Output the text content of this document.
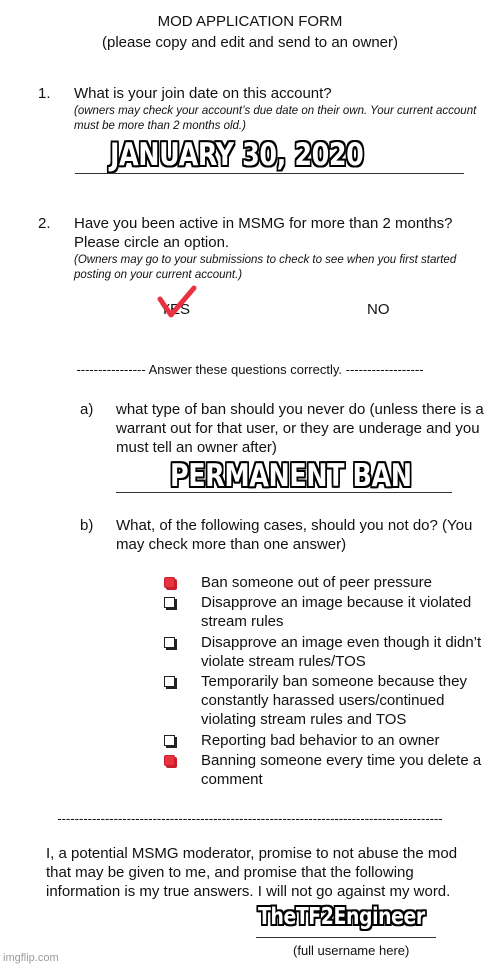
MOD APPLICATION FORM
(please copy and edit and send to an owner)
1. What is your join date on this account?
(owners may check your account’s due date on their own. Your current account must be more than 2 months old.)
JANUARY 30, 2020
2. Have you been active in MSMG for more than 2 months? Please circle an option.
(Owners may go to your submissions to check to see when you first started posting on your current account.)
YES	NO
---------------- Answer these questions correctly. ------------------
a) what type of ban should you never do (unless there is a warrant out for that user, or they are underage and you must tell an owner after)
PERMANENT BAN
b) What, of the following cases, should you not do? (You may check more than one answer)
Ban someone out of peer pressure
Disapprove an image because it violated stream rules
Disapprove an image even though it didn’t violate stream rules/TOS
Temporarily ban someone because they constantly harassed users/continued violating stream rules and TOS
Reporting bad behavior to an owner
Banning someone every time you delete a comment
-----------------------------------------------------------------------------------------
I, a potential MSMG moderator, promise to not abuse the mod that may be given to me, and promise that the following information is my true answers. I will not go against my word.
TheTF2Engineer
(full username here)
imgflip.com
